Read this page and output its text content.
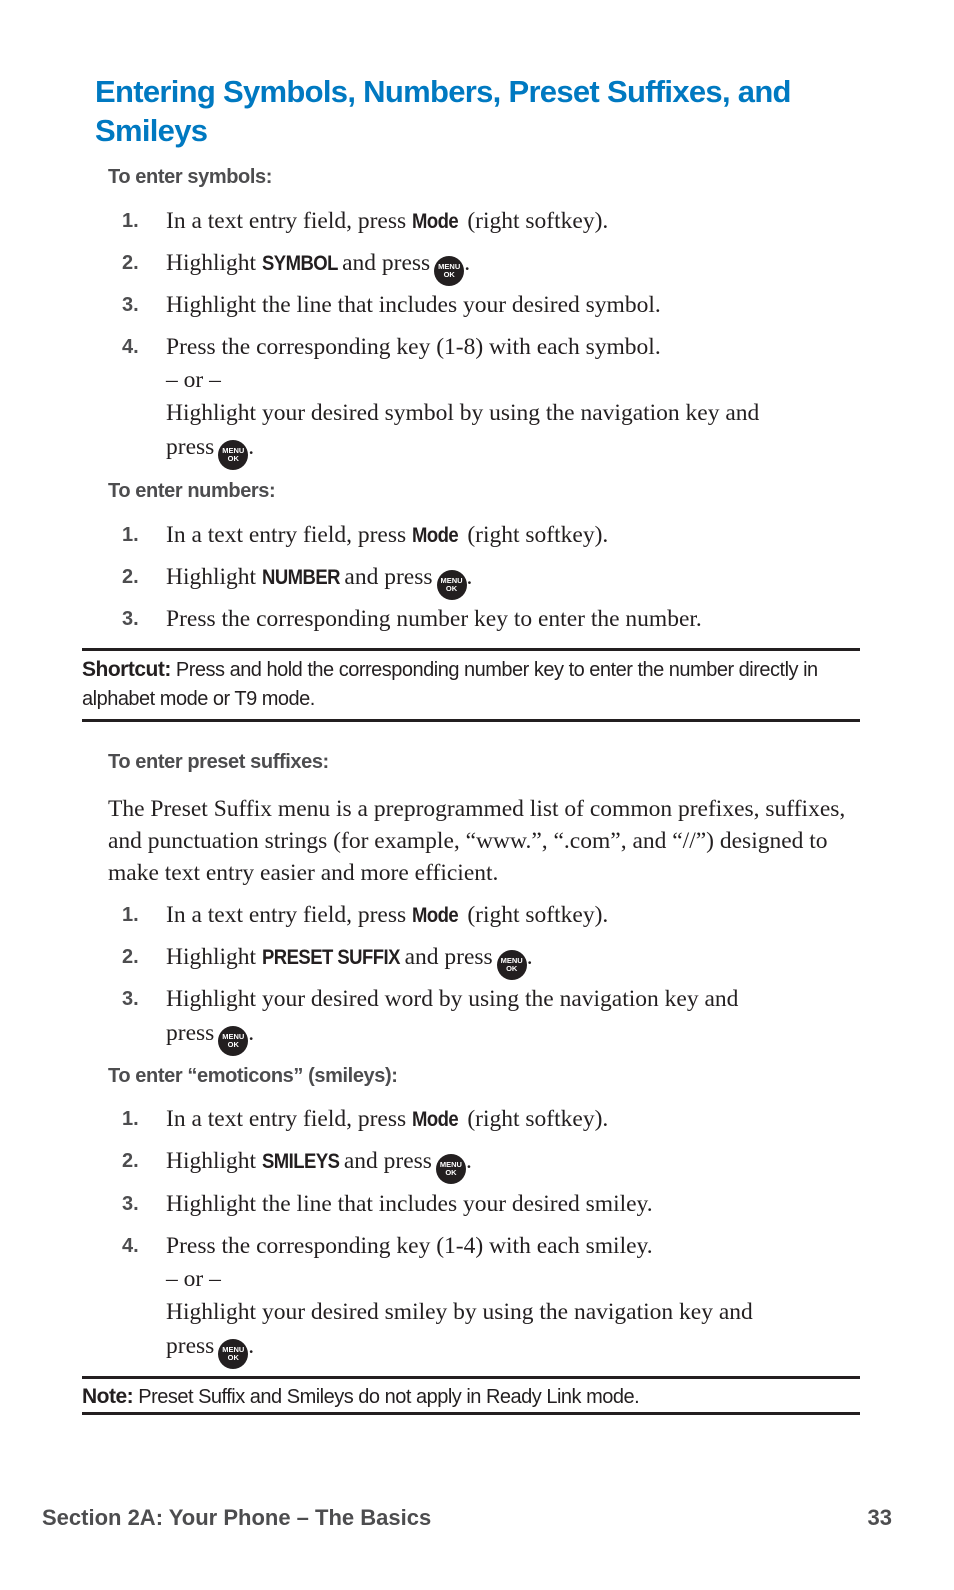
Entering Symbols, Numbers, Preset Suffixes, and Smileys

To enter symbols:

1.	In a text entry field, press Mode (right softkey).
2.	Highlight SYMBOL and press MENU
OK .
3.	Highlight the line that includes your desired symbol.
4.	Press the corresponding key (1-8) with each symbol.
– or –
Highlight your desired symbol by using the navigation key and
press MENU
OK .

To enter numbers:

1.	In a text entry field, press Mode (right softkey).
2.	Highlight NUMBER and press MENU
OK .
3.	Press the corresponding number key to enter the number.

Shortcut: Press and hold the corresponding number key to enter the number directly in alphabet mode or T9 mode.

To enter preset suffixes:

The Preset Suffix menu is a preprogrammed list of common prefixes, suffixes, and punctuation strings (for example, “www.”, “.com”, and “//”) designed to make text entry easier and more efficient.

1.	In a text entry field, press Mode (right softkey).
2.	Highlight PRESET SUFFIX and press MENU
OK .
3.	Highlight your desired word by using the navigation key and
press MENU
OK .

To enter “emoticons” (smileys):

1.	In a text entry field, press Mode (right softkey).
2.	Highlight SMILEYS and press MENU
OK .
3.	Highlight the line that includes your desired smiley.
4.	Press the corresponding key (1-4) with each smiley.
– or –
Highlight your desired smiley by using the navigation key and
press MENU
OK .

Note: Preset Suffix and Smileys do not apply in Ready Link mode.

Section 2A: Your Phone – The Basics	33
